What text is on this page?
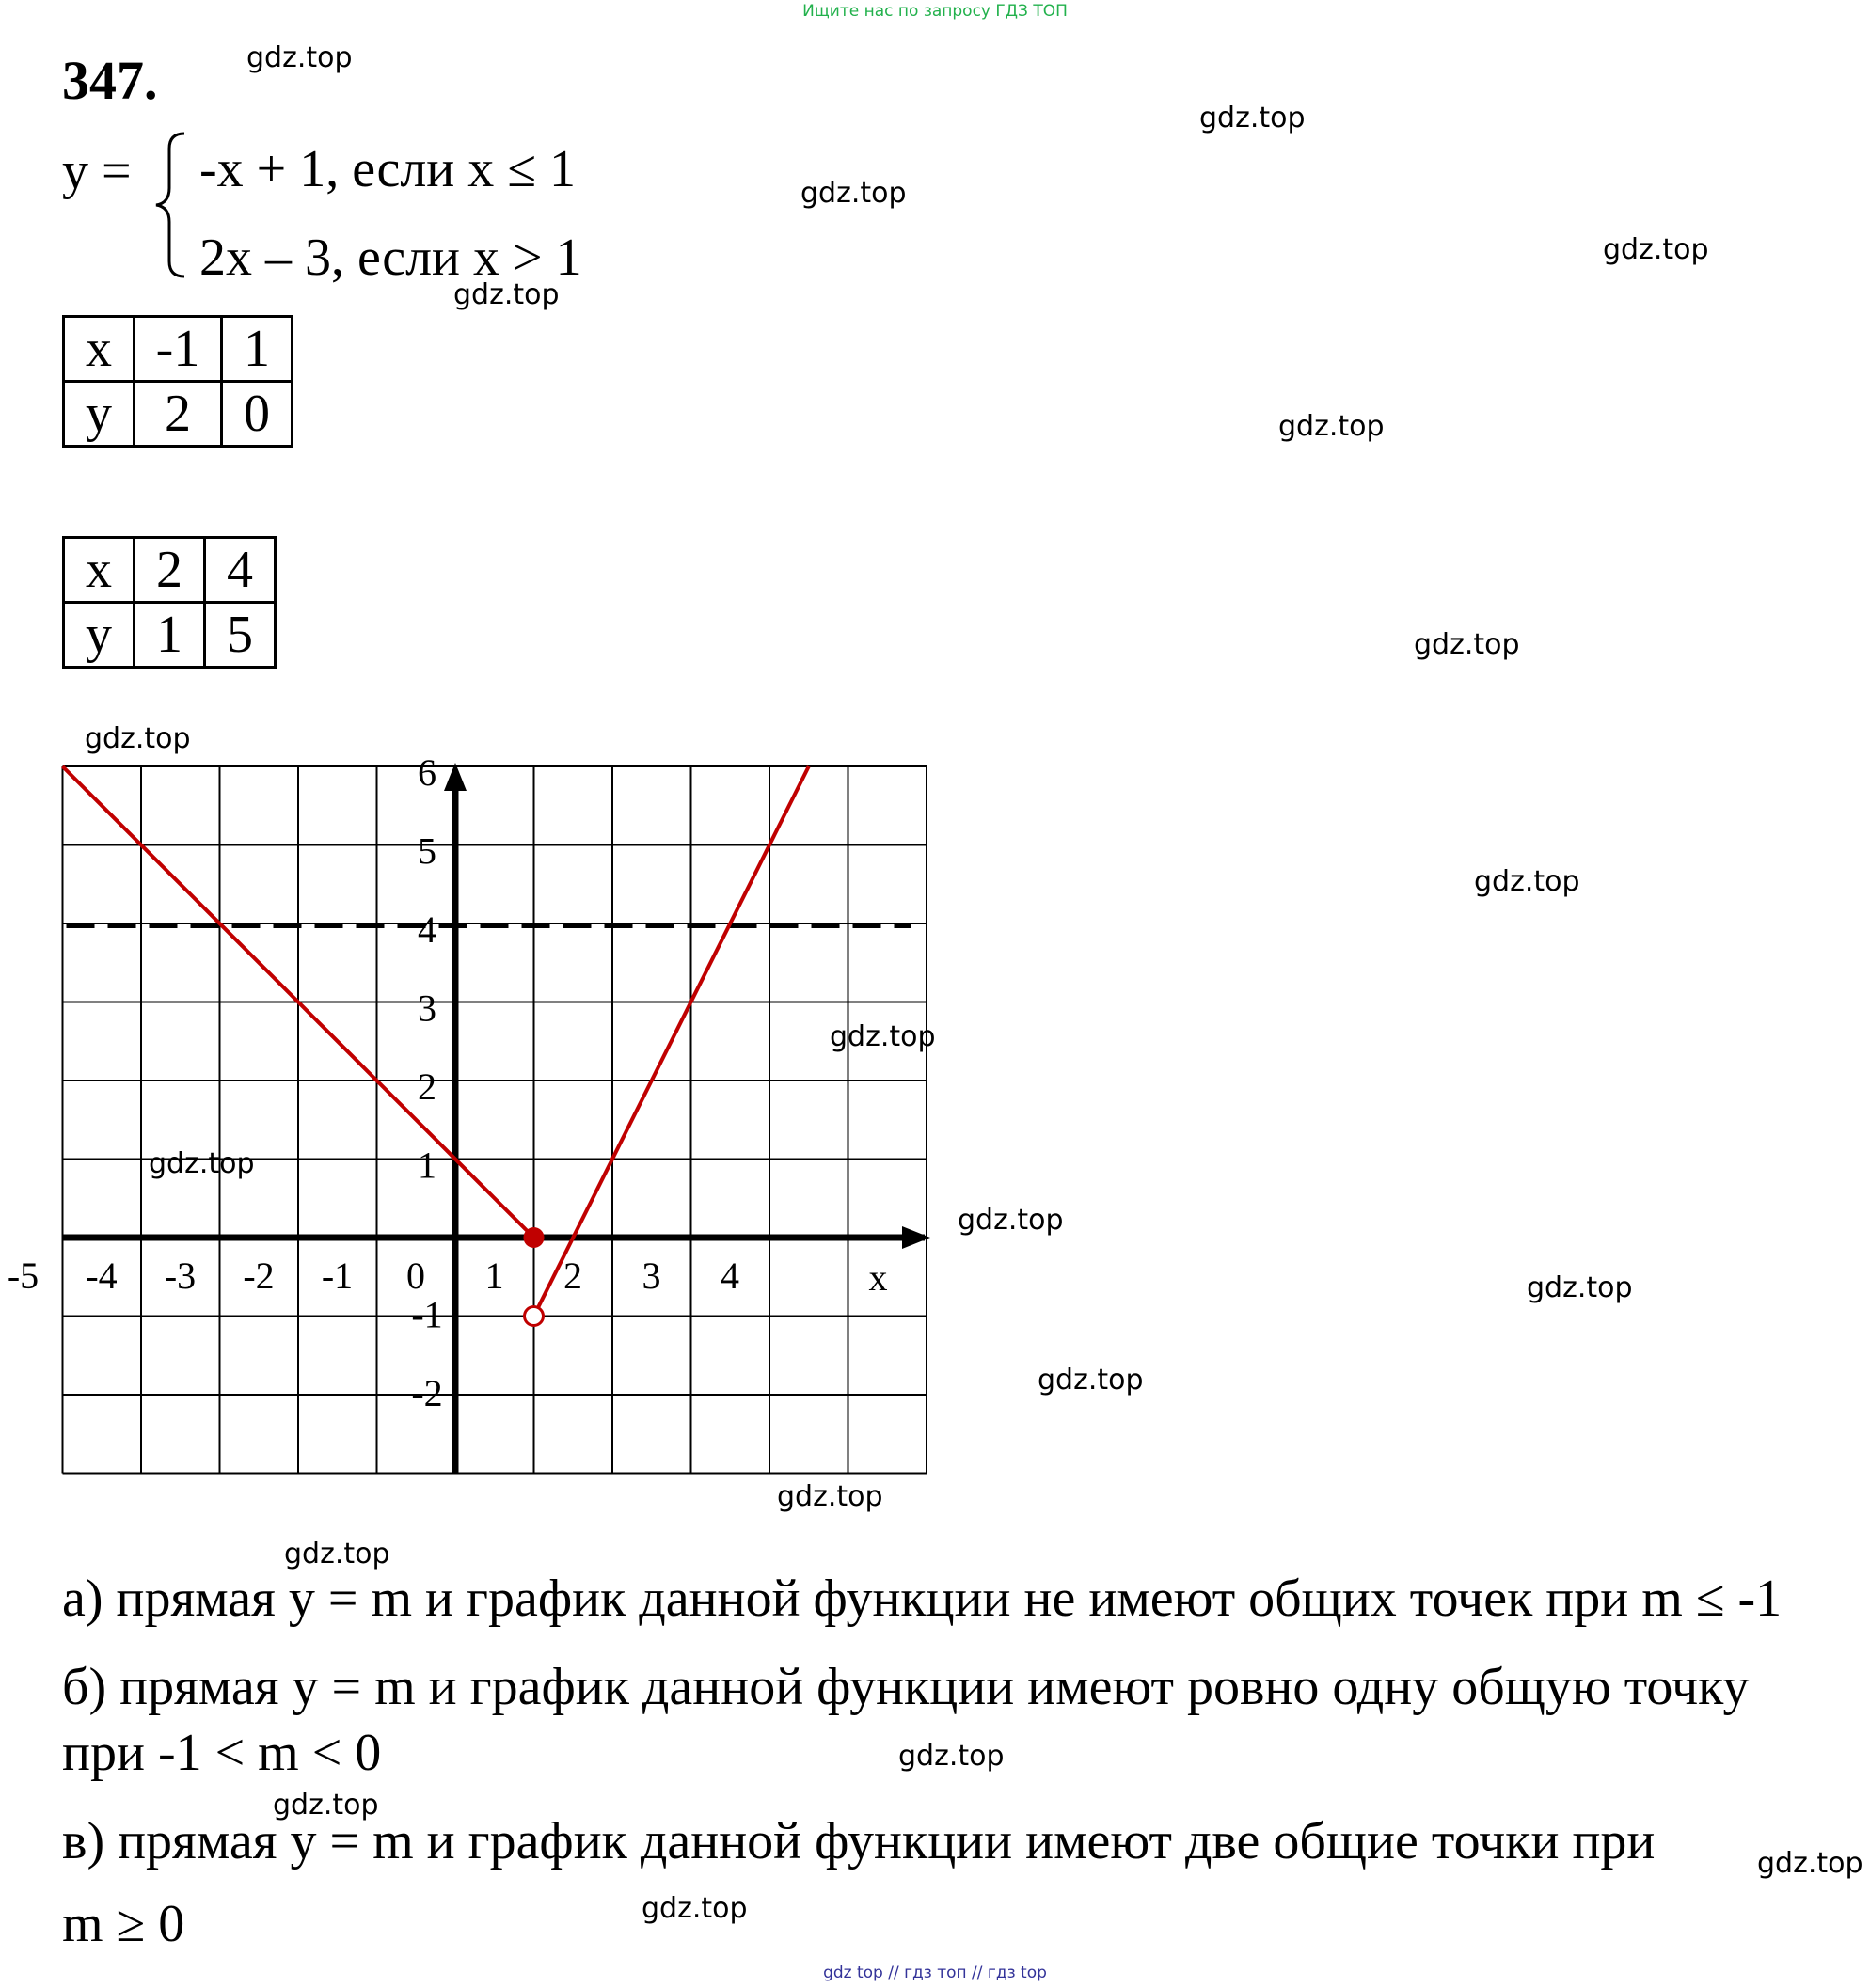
Ищите нас по запросу ГДЗ ТОП
347.
y = -x + 1, если x ≤ 1
2x – 3, если x > 1
x	-1	1
y	2	0
x	2	4
y	1	5
-5 -4 -3 -2 -1 0 1 2 3 4	x
6
5
4
3
2
1
-1
-2
а) прямая y = m и график данной функции не имеют общих точек при m ≤ -1
б) прямая y = m и график данной функции имеют ровно одну общую точку
при -1 < m < 0
в) прямая y = m и график данной функции имеют две общие точки при
m ≥ 0
gdz.top
gdz.top
gdz.top
gdz.top
gdz.top
gdz.top
gdz.top
gdz.top
gdz.top
gdz.top
gdz.top
gdz.top
gdz.top
gdz.top
gdz.top
gdz.top
gdz.top
gdz.top
gdz.top
gdz.top
gdz top // гдз топ // гдз top
